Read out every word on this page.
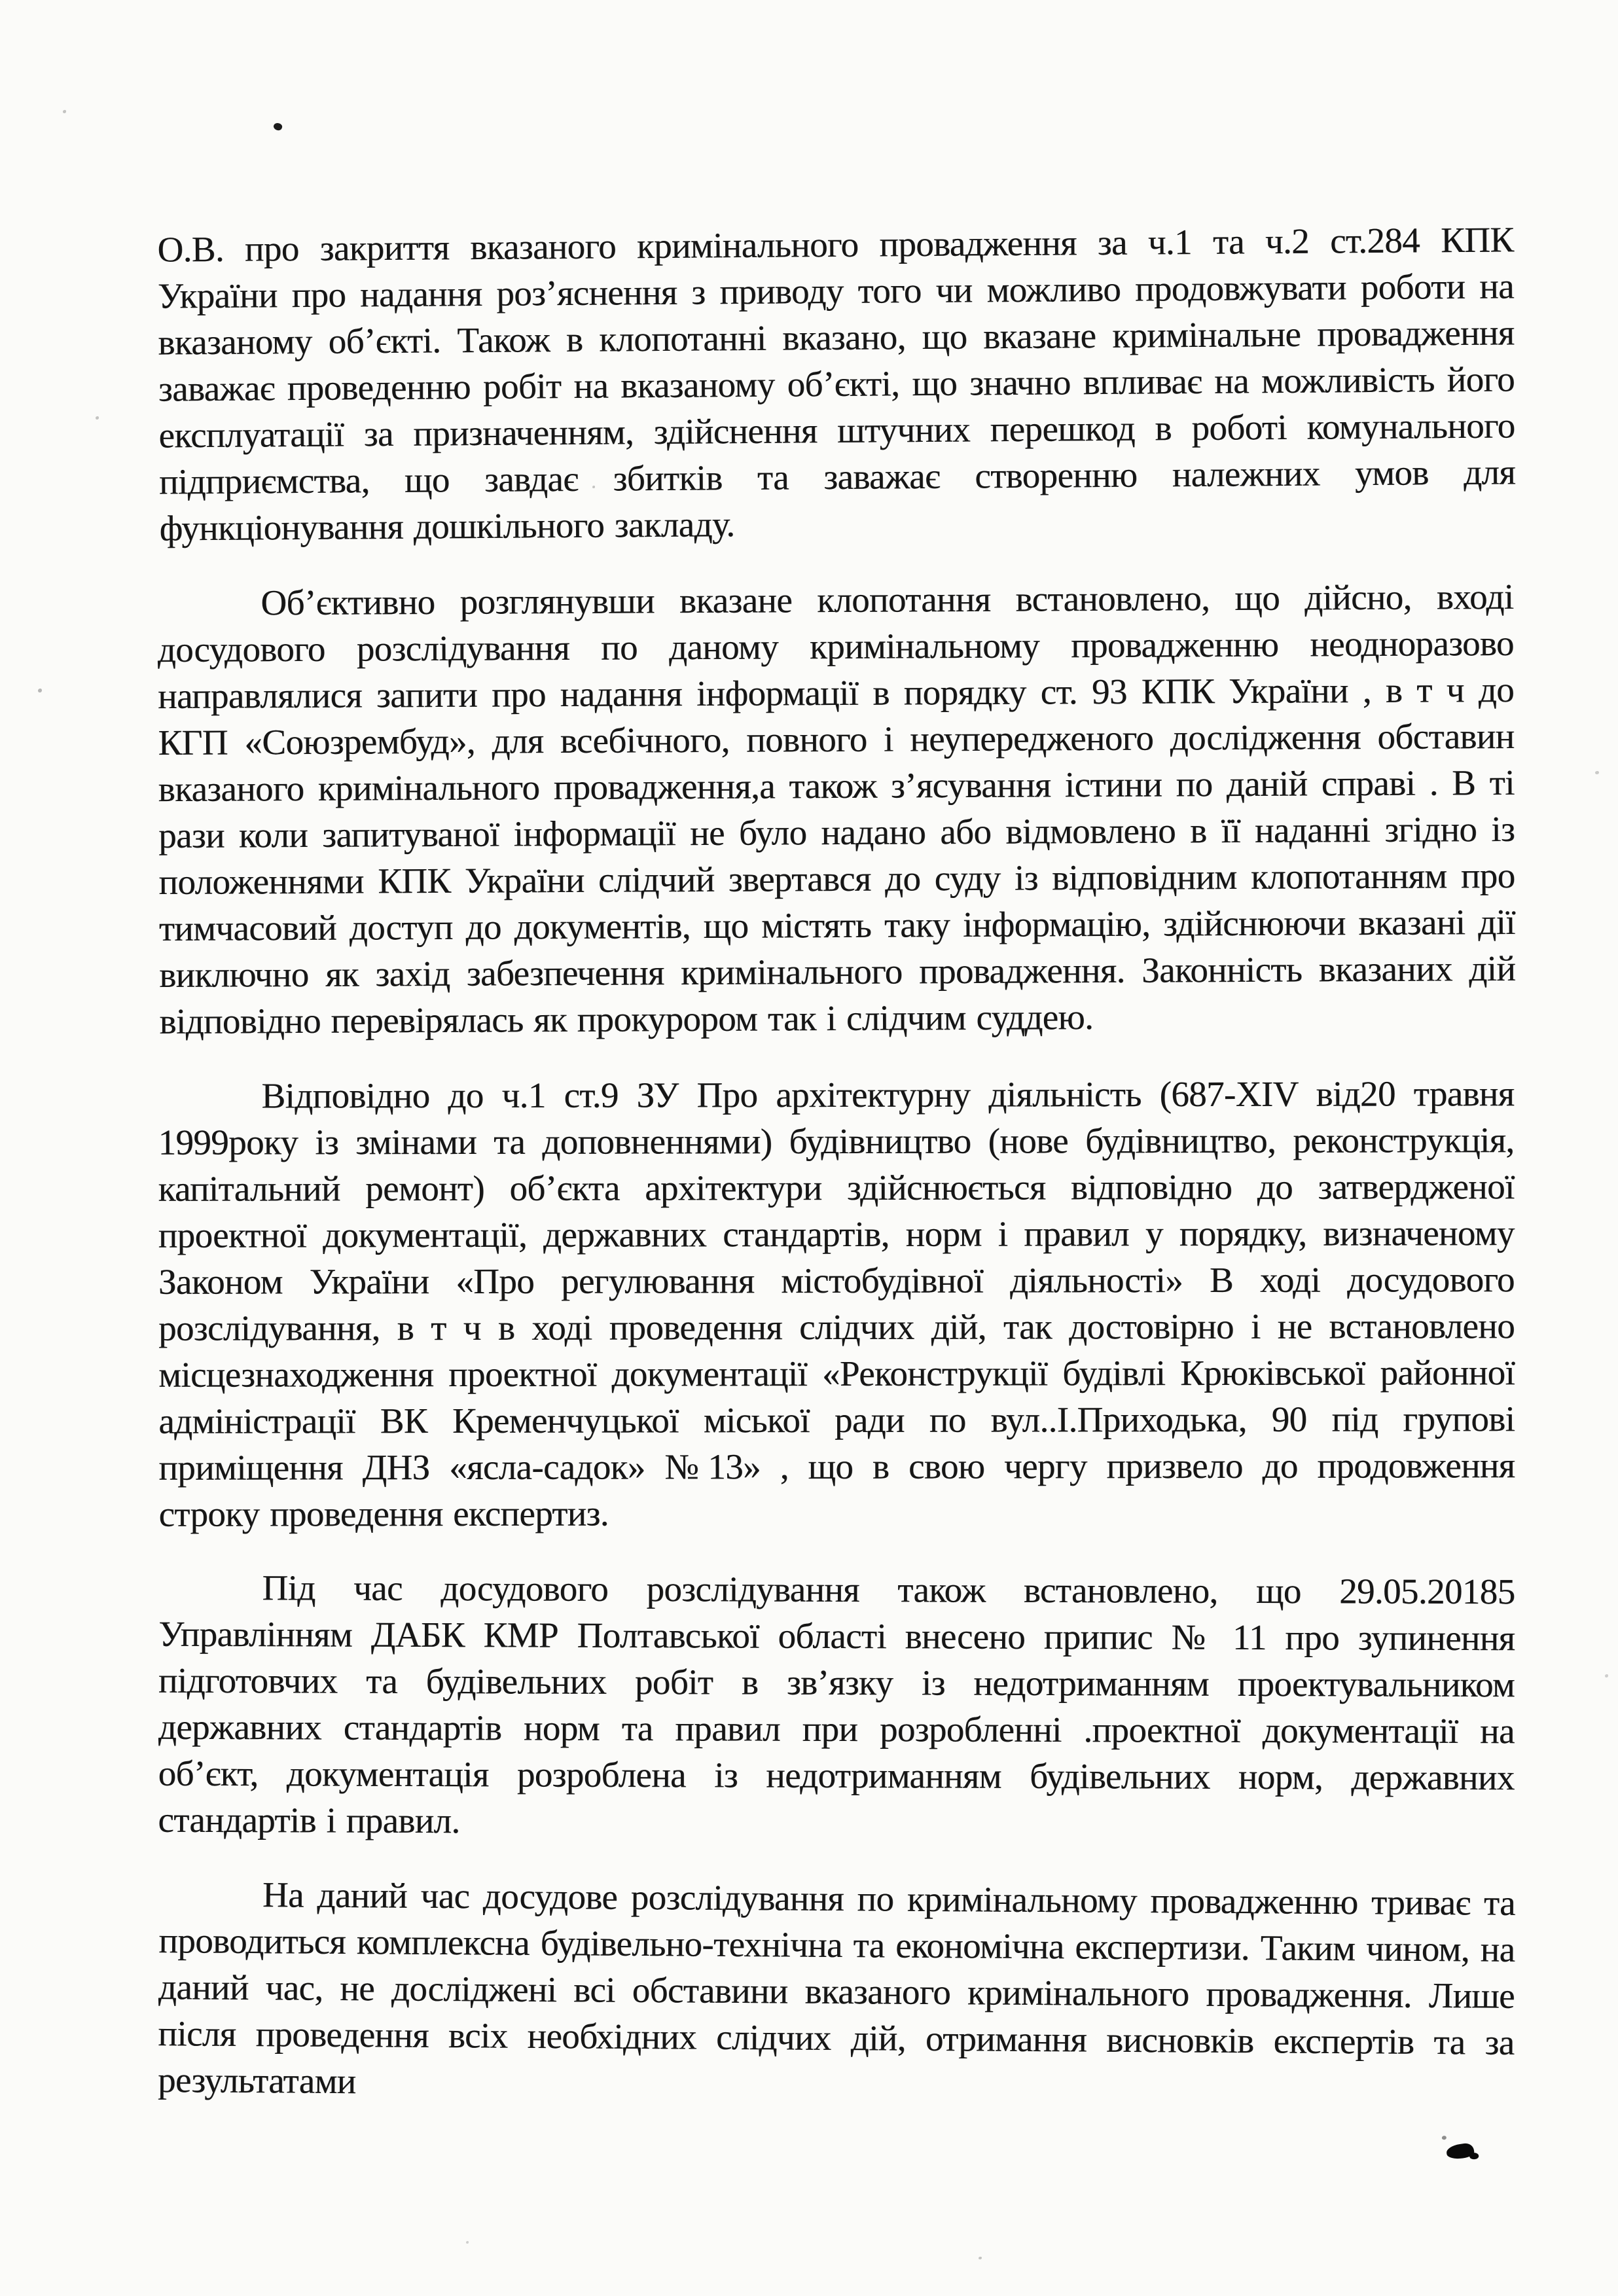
О.В. про закриття вказаного кримінального провадження за ч.1 та ч.2 ст.284 КПК України про надання роз’яснення з приводу того чи можливо продовжувати роботи на вказаному об’єкті. Також в клопотанні вказано, що вказане кримінальне провадження заважає проведенню робіт на вказаному об’єкті, що значно впливає на можливість його експлуатації за призначенням, здійснення штучних перешкод в роботі комунального підприємства, що завдає збитків та заважає створенню належних умов для функціонування дошкільного закладу.

Об’єктивно розглянувши вказане клопотання встановлено, що дійсно, вході досудового розслідування по даному кримінальному провадженню неодноразово направлялися запити про надання інформації в порядку ст. 93 КПК України , в т ч до КГП «Союзрембуд», для всебічного, повного і неупередженого дослідження обставин вказаного кримінального провадження,а також з’ясування істини по даній справі . В ті рази коли запитуваної інформації не було надано або відмовлено в її наданні згідно із положеннями КПК України слідчий звертався до суду із відповідним клопотанням про тимчасовий доступ до документів, що містять таку інформацію, здійснюючи вказані дії виключно як захід забезпечення кримінального провадження. Законність вказаних дій відповідно перевірялась як прокурором так і слідчим суддею.

Відповідно до ч.1 ст.9 ЗУ Про архітектурну діяльність (687-XIV від20 травня 1999року із змінами та доповненнями) будівництво (нове будівництво, реконструкція, капітальний ремонт) об’єкта архітектури здійснюється відповідно до затвердженої проектної документації, державних стандартів, норм і правил у порядку, визначеному Законом України «Про регулювання містобудівної діяльності» В ході досудового розслідування, в т ч в ході проведення слідчих дій, так достовірно і не встановлено місцезнаходження проектної документації «Реконструкції будівлі Крюківської районної адміністрації ВК Кременчуцької міської ради по вул..І.Приходька, 90 під групові приміщення ДНЗ «ясла-садок» №13» , що в свою чергу призвело до продовження строку проведення експертиз.

Під час досудового розслідування також встановлено, що 29.05.20185 Управлінням ДАБК КМР Полтавської області внесено припис № 11 про зупинення підготовчих та будівельних робіт в зв’язку із недотриманням проектувальником державних стандартів норм та правил при розробленні .проектної документації на об’єкт, документація розроблена із недотриманням будівельних норм, державних стандартів і правил.

На даний час досудове розслідування по кримінальному провадженню триває та проводиться комплексна будівельно-технічна та економічна експертизи. Таким чином, на даний час, не досліджені всі обставини вказаного кримінального провадження. Лише після проведення всіх необхідних слідчих дій, отримання висновків експертів та за результатами
